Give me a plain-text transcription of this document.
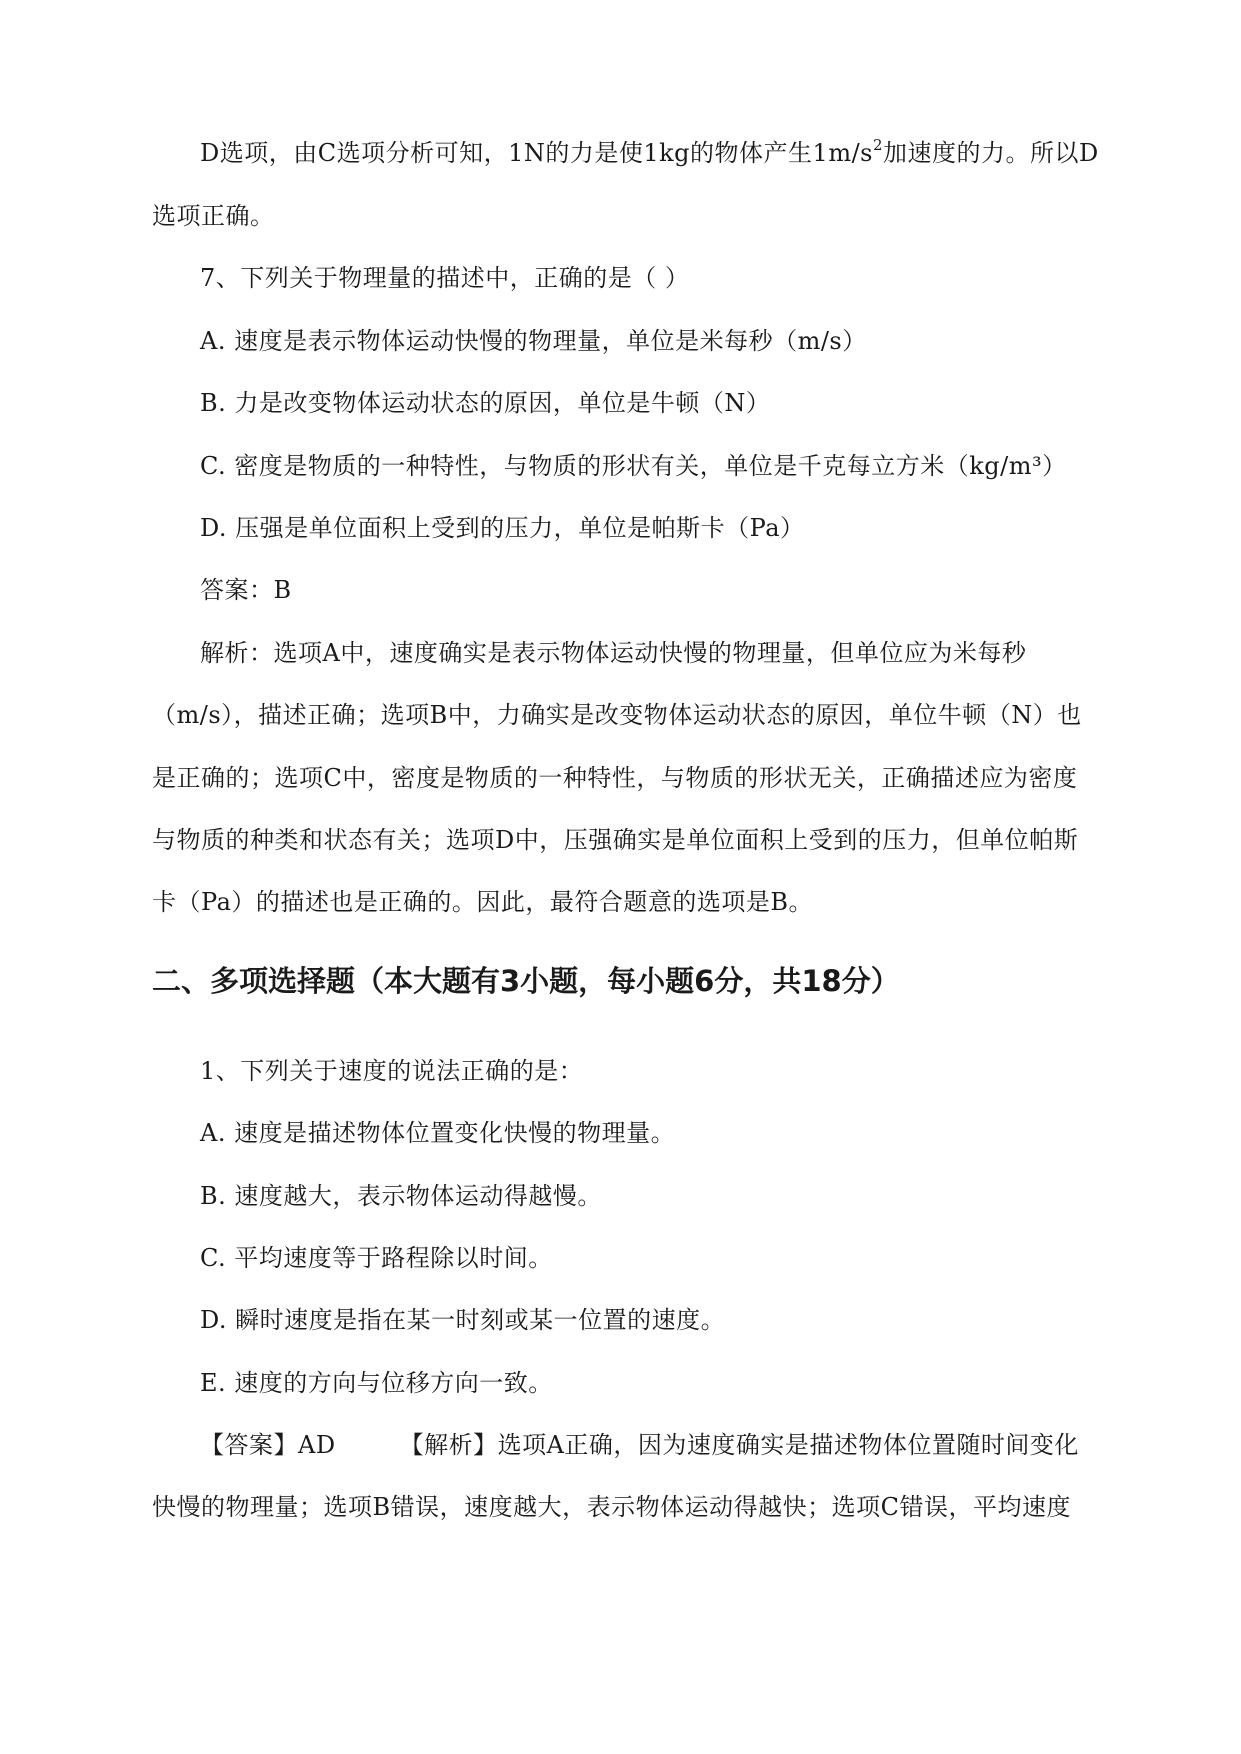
D选项，由C选项分析可知，1N的力是使1kg的物体产生$1m/s^2$加速度的力。所以D
选项正确。
7、下列关于物理量的描述中，正确的是（ ）
A. 速度是表示物体运动快慢的物理量，单位是米每秒（m/s）
B. 力是改变物体运动状态的原因，单位是牛顿（N）
C. 密度是物质的一种特性，与物质的形状有关，单位是千克每立方米（kg/m³）
D. 压强是单位面积上受到的压力，单位是帕斯卡（Pa）
答案：B
解析：选项A中，速度确实是表示物体运动快慢的物理量，但单位应为米每秒
（m/s），描述正确；选项B中，力确实是改变物体运动状态的原因，单位牛顿（N）也
是正确的；选项C中，密度是物质的一种特性，与物质的形状无关，正确描述应为密度
与物质的种类和状态有关；选项D中，压强确实是单位面积上受到的压力，但单位帕斯
卡（Pa）的描述也是正确的。因此，最符合题意的选项是B。
二、多项选择题（本大题有3小题，每小题6分，共18分）
1、下列关于速度的说法正确的是：
A. 速度是描述物体位置变化快慢的物理量。
B. 速度越大，表示物体运动得越慢。
C. 平均速度等于路程除以时间。
D. 瞬时速度是指在某一时刻或某一位置的速度。
E. 速度的方向与位移方向一致。
【答案】AD	【解析】选项A正确，因为速度确实是描述物体位置随时间变化
快慢的物理量；选项B错误，速度越大，表示物体运动得越快；选项C错误，平均速度
